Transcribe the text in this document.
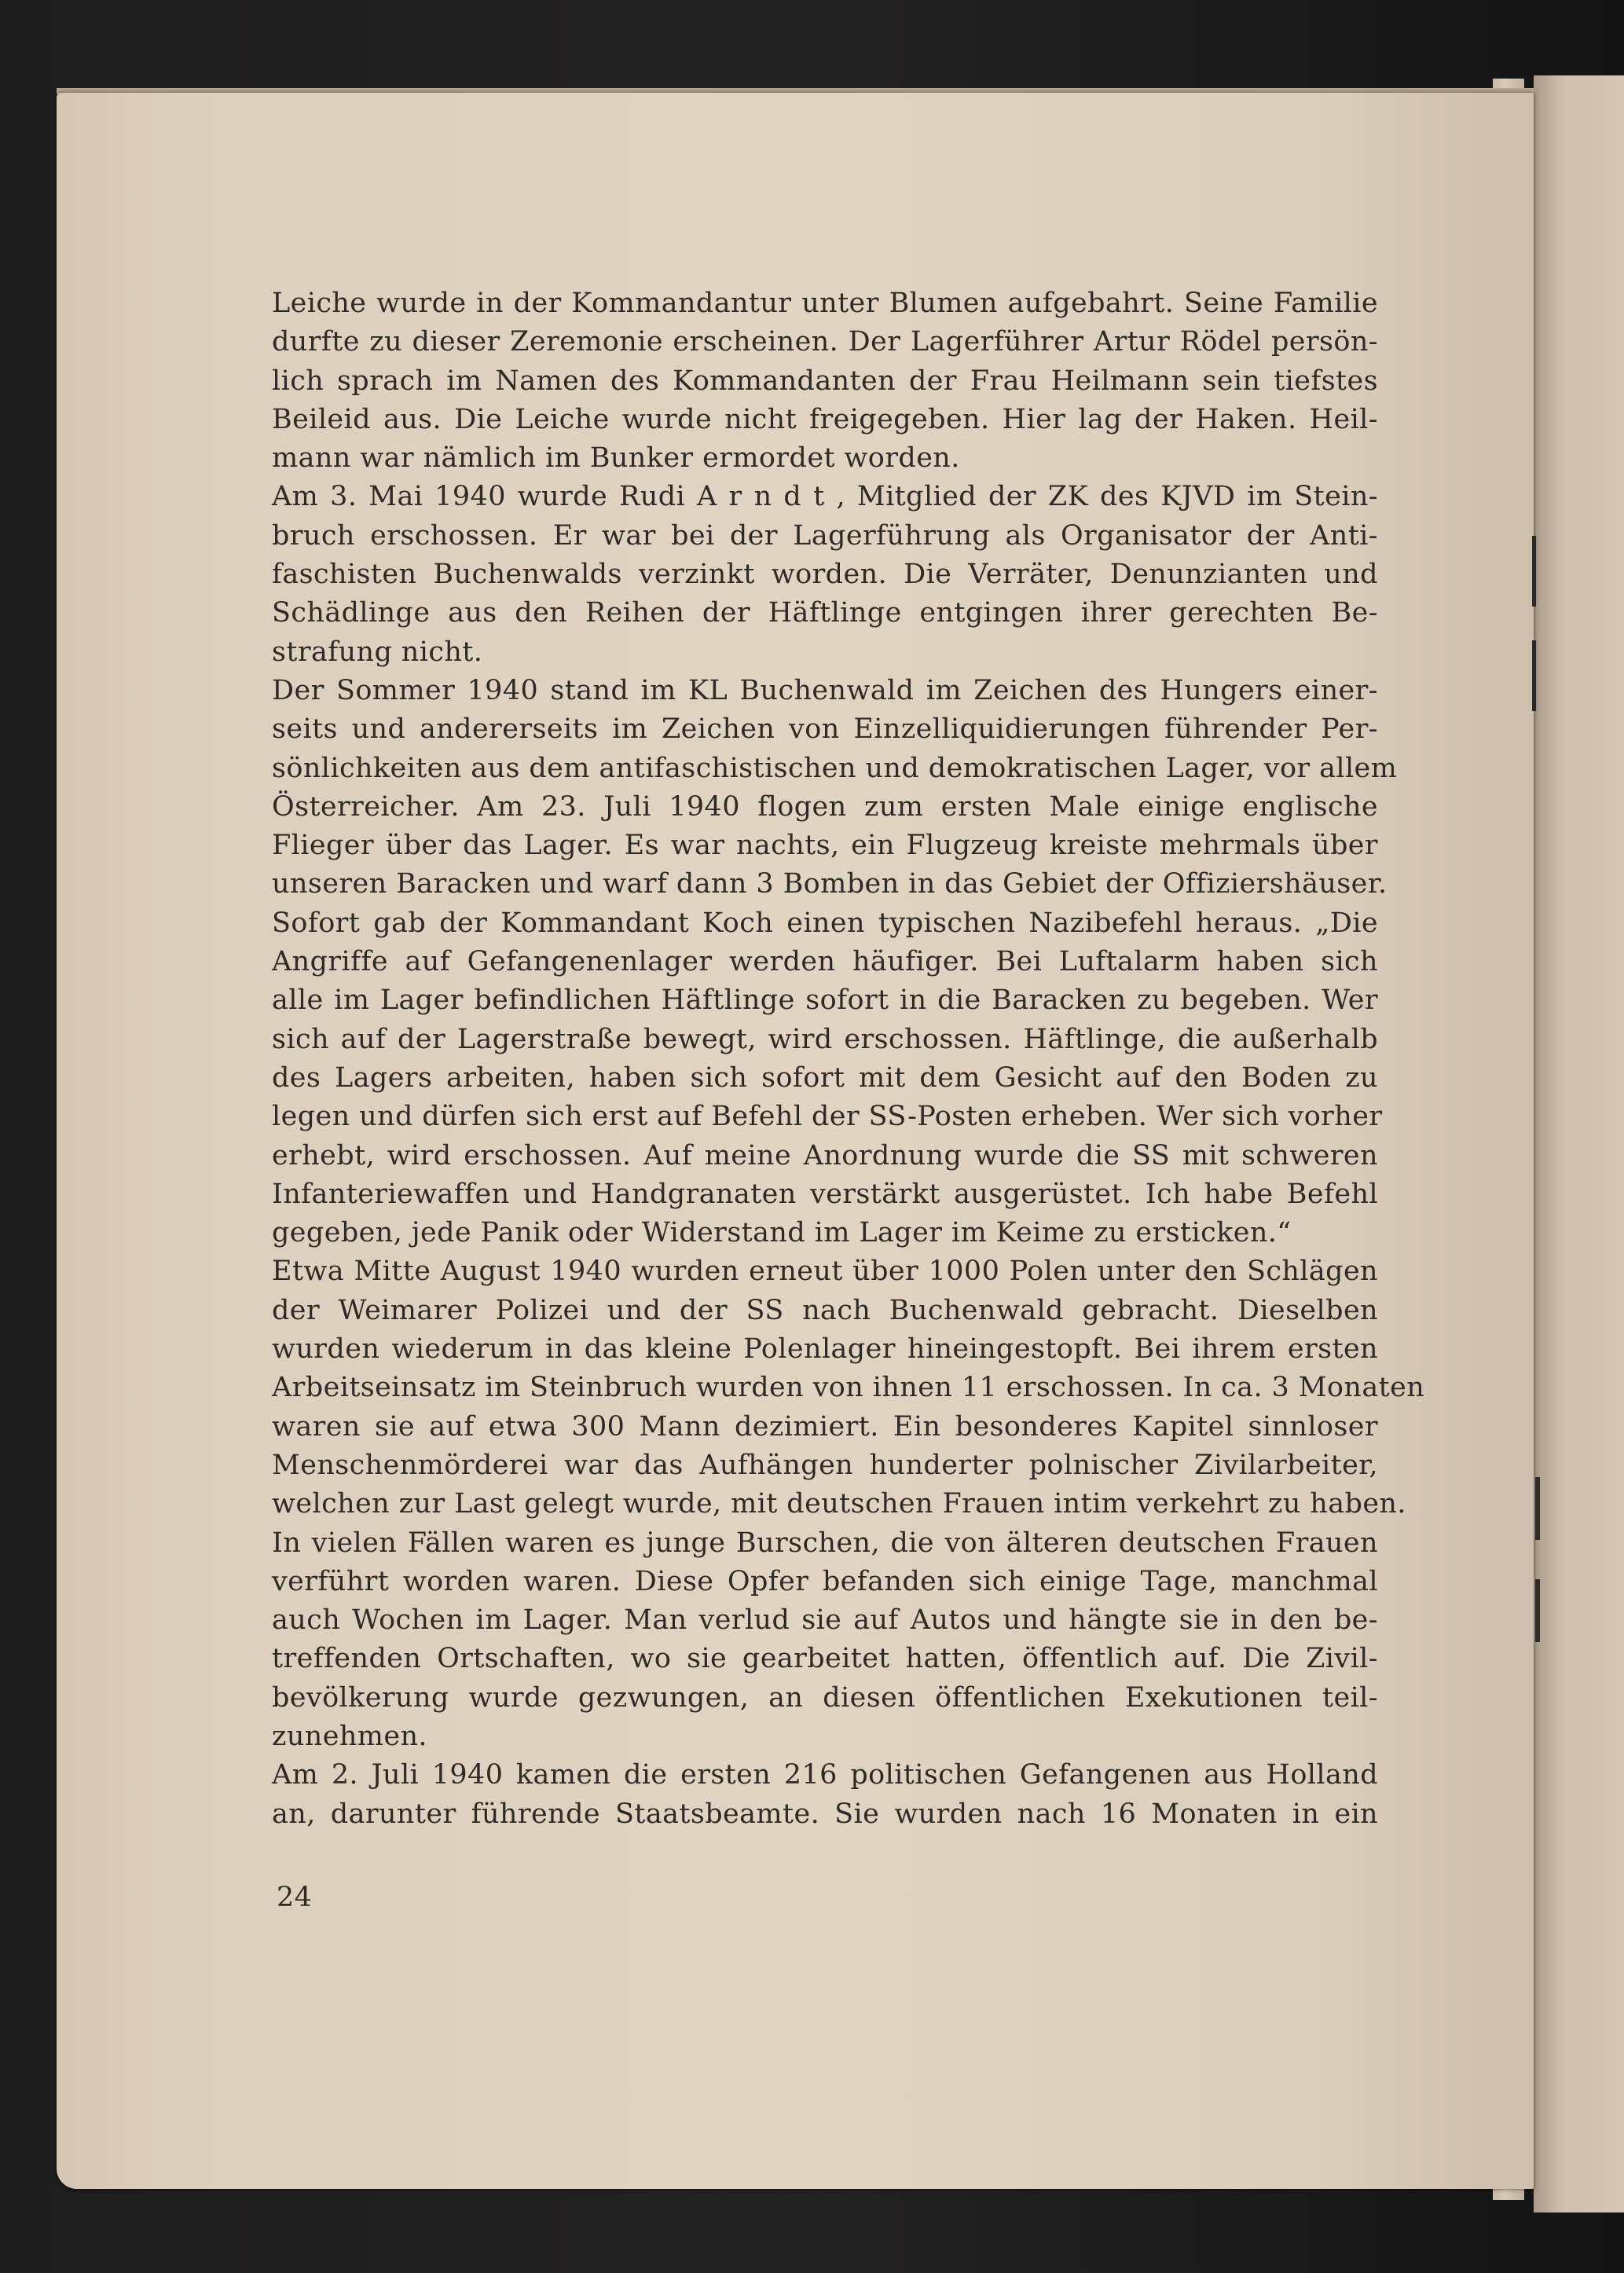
Leiche wurde in der Kommandantur unter Blumen aufgebahrt. Seine Familie
durfte zu dieser Zeremonie erscheinen. Der Lagerführer Artur Rödel persön-
lich sprach im Namen des Kommandanten der Frau Heilmann sein tiefstes
Beileid aus. Die Leiche wurde nicht freigegeben. Hier lag der Haken. Heil-
mann war nämlich im Bunker ermordet worden.
Am 3. Mai 1940 wurde Rudi A r n d t , Mitglied der ZK des KJVD im Stein-
bruch erschossen. Er war bei der Lagerführung als Organisator der Anti-
faschisten Buchenwalds verzinkt worden. Die Verräter, Denunzianten und
Schädlinge aus den Reihen der Häftlinge entgingen ihrer gerechten Be-
strafung nicht.
Der Sommer 1940 stand im KL Buchenwald im Zeichen des Hungers einer-
seits und andererseits im Zeichen von Einzelliquidierungen führender Per-
sönlichkeiten aus dem antifaschistischen und demokratischen Lager, vor allem
Österreicher. Am 23. Juli 1940 flogen zum ersten Male einige englische
Flieger über das Lager. Es war nachts, ein Flugzeug kreiste mehrmals über
unseren Baracken und warf dann 3 Bomben in das Gebiet der Offiziershäuser.
Sofort gab der Kommandant Koch einen typischen Nazibefehl heraus. „Die
Angriffe auf Gefangenenlager werden häufiger. Bei Luftalarm haben sich
alle im Lager befindlichen Häftlinge sofort in die Baracken zu begeben. Wer
sich auf der Lagerstraße bewegt, wird erschossen. Häftlinge, die außerhalb
des Lagers arbeiten, haben sich sofort mit dem Gesicht auf den Boden zu
legen und dürfen sich erst auf Befehl der SS-Posten erheben. Wer sich vorher
erhebt, wird erschossen. Auf meine Anordnung wurde die SS mit schweren
Infanteriewaffen und Handgranaten verstärkt ausgerüstet. Ich habe Befehl
gegeben, jede Panik oder Widerstand im Lager im Keime zu ersticken.“
Etwa Mitte August 1940 wurden erneut über 1000 Polen unter den Schlägen
der Weimarer Polizei und der SS nach Buchenwald gebracht. Dieselben
wurden wiederum in das kleine Polenlager hineingestopft. Bei ihrem ersten
Arbeitseinsatz im Steinbruch wurden von ihnen 11 erschossen. In ca. 3 Monaten
waren sie auf etwa 300 Mann dezimiert. Ein besonderes Kapitel sinnloser
Menschenmörderei war das Aufhängen hunderter polnischer Zivilarbeiter,
welchen zur Last gelegt wurde, mit deutschen Frauen intim verkehrt zu haben.
In vielen Fällen waren es junge Burschen, die von älteren deutschen Frauen
verführt worden waren. Diese Opfer befanden sich einige Tage, manchmal
auch Wochen im Lager. Man verlud sie auf Autos und hängte sie in den be-
treffenden Ortschaften, wo sie gearbeitet hatten, öffentlich auf. Die Zivil-
bevölkerung wurde gezwungen, an diesen öffentlichen Exekutionen teil-
zunehmen.
Am 2. Juli 1940 kamen die ersten 216 politischen Gefangenen aus Holland
an, darunter führende Staatsbeamte. Sie wurden nach 16 Monaten in ein
24
